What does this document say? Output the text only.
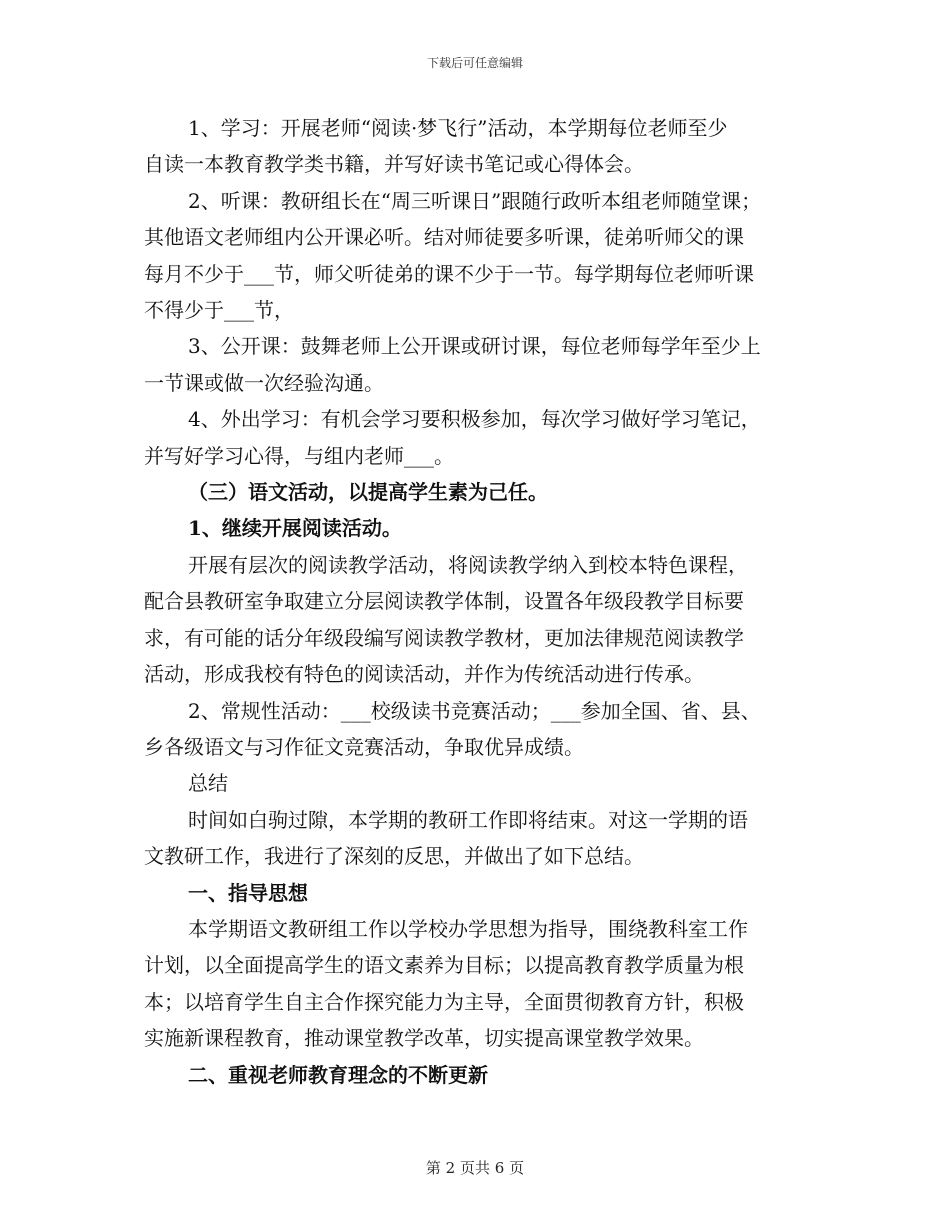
下载后可任意编辑
1、学习：开展老师“阅读·梦飞行”活动，本学期每位老师至少
自读一本教育教学类书籍，并写好读书笔记或心得体会。
2、听课：教研组长在“周三听课日”跟随行政听本组老师随堂课；
其他语文老师组内公开课必听。结对师徒要多听课，徒弟听师父的课
每月不少于___节，师父听徒弟的课不少于一节。每学期每位老师听课
不得少于___节，
3、公开课：鼓舞老师上公开课或研讨课，每位老师每学年至少上
一节课或做一次经验沟通。
4、外出学习：有机会学习要积极参加，每次学习做好学习笔记，
并写好学习心得，与组内老师___。
（三）语文活动，以提高学生素为己任。
1、继续开展阅读活动。
开展有层次的阅读教学活动，将阅读教学纳入到校本特色课程，
配合县教研室争取建立分层阅读教学体制，设置各年级段教学目标要
求，有可能的话分年级段编写阅读教学教材，更加法律规范阅读教学
活动，形成我校有特色的阅读活动，并作为传统活动进行传承。
2、常规性活动：___校级读书竞赛活动；___参加全国、省、县、
乡各级语文与习作征文竞赛活动，争取优异成绩。
总结
时间如白驹过隙，本学期的教研工作即将结束。对这一学期的语
文教研工作，我进行了深刻的反思，并做出了如下总结。
一、指导思想
本学期语文教研组工作以学校办学思想为指导，围绕教科室工作
计划，以全面提高学生的语文素养为目标；以提高教育教学质量为根
本；以培育学生自主合作探究能力为主导，全面贯彻教育方针，积极
实施新课程教育，推动课堂教学改革，切实提高课堂教学效果。
二、重视老师教育理念的不断更新
第 2 页共 6 页
